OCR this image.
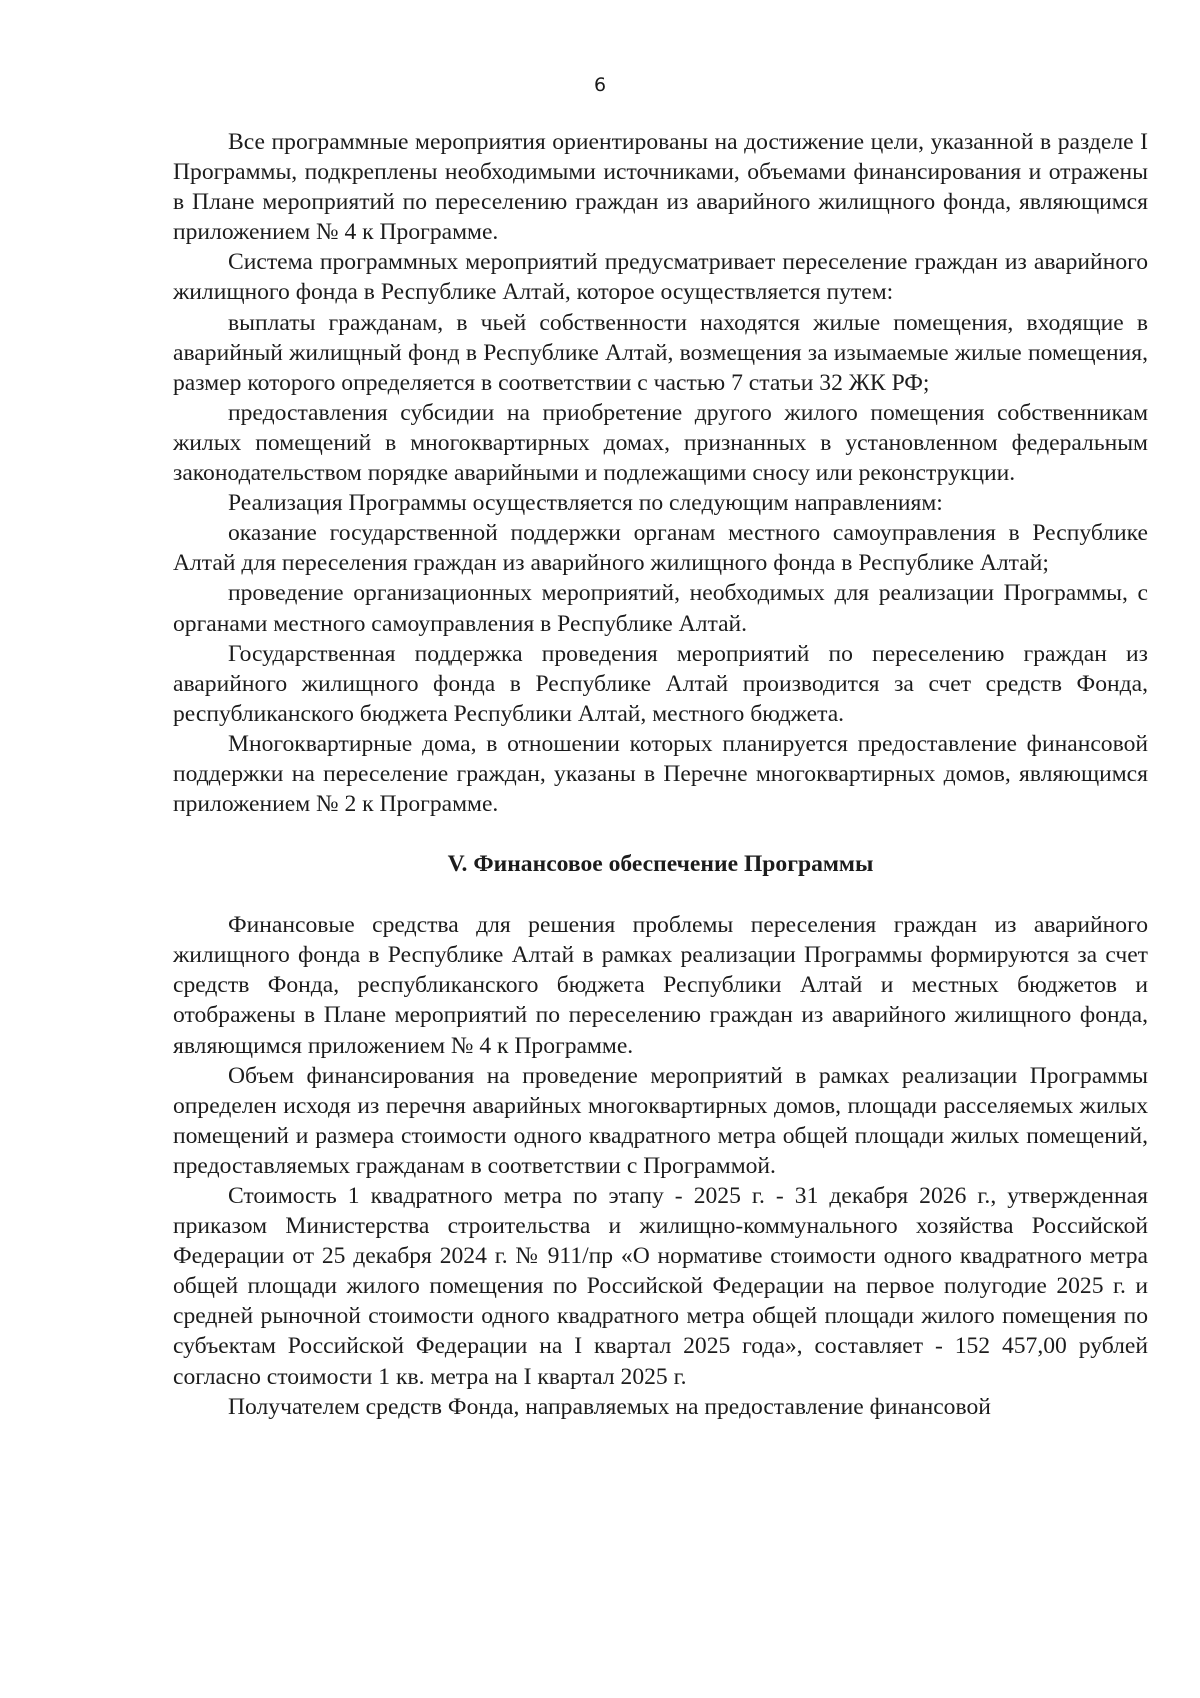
6

Все программные мероприятия ориентированы на достижение цели, указанной в разделе I Программы, подкреплены необходимыми источниками, объемами финансирования и отражены в Плане мероприятий по переселению граждан из аварийного жилищного фонда, являющимся приложением № 4 к Программе.

Система программных мероприятий предусматривает переселение граждан из аварийного жилищного фонда в Республике Алтай, которое осуществляется путем:

выплаты гражданам, в чьей собственности находятся жилые помещения, входящие в аварийный жилищный фонд в Республике Алтай, возмещения за изымаемые жилые помещения, размер которого определяется в соответствии с частью 7 статьи 32 ЖК РФ;

предоставления субсидии на приобретение другого жилого помещения собственникам жилых помещений в многоквартирных домах, признанных в установленном федеральным законодательством порядке аварийными и подлежащими сносу или реконструкции.

Реализация Программы осуществляется по следующим направлениям:

оказание государственной поддержки органам местного самоуправления в Республике Алтай для переселения граждан из аварийного жилищного фонда в Республике Алтай;

проведение организационных мероприятий, необходимых для реализации Программы, с органами местного самоуправления в Республике Алтай.

Государственная поддержка проведения мероприятий по переселению граждан из аварийного жилищного фонда в Республике Алтай производится за счет средств Фонда, республиканского бюджета Республики Алтай, местного бюджета.

Многоквартирные дома, в отношении которых планируется предоставление финансовой поддержки на переселение граждан, указаны в Перечне многоквартирных домов, являющимся приложением № 2 к Программе.

V. Финансовое обеспечение Программы

Финансовые средства для решения проблемы переселения граждан из аварийного жилищного фонда в Республике Алтай в рамках реализации Программы формируются за счет средств Фонда, республиканского бюджета Республики Алтай и местных бюджетов и отображены в Плане мероприятий по переселению граждан из аварийного жилищного фонда, являющимся приложением № 4 к Программе.

Объем финансирования на проведение мероприятий в рамках реализации Программы определен исходя из перечня аварийных многоквартирных домов, площади расселяемых жилых помещений и размера стоимости одного квадратного метра общей площади жилых помещений, предоставляемых гражданам в соответствии с Программой.

Стоимость 1 квадратного метра по этапу - 2025 г. - 31 декабря 2026 г., утвержденная приказом Министерства строительства и жилищно-коммунального хозяйства Российской Федерации от 25 декабря 2024 г. № 911/пр «О нормативе стоимости одного квадратного метра общей площади жилого помещения по Российской Федерации на первое полугодие 2025 г. и средней рыночной стоимости одного квадратного метра общей площади жилого помещения по субъектам Российской Федерации на I квартал 2025 года», составляет - 152 457,00 рублей согласно стоимости 1 кв. метра на I квартал 2025 г.

Получателем средств Фонда, направляемых на предоставление финансовой
